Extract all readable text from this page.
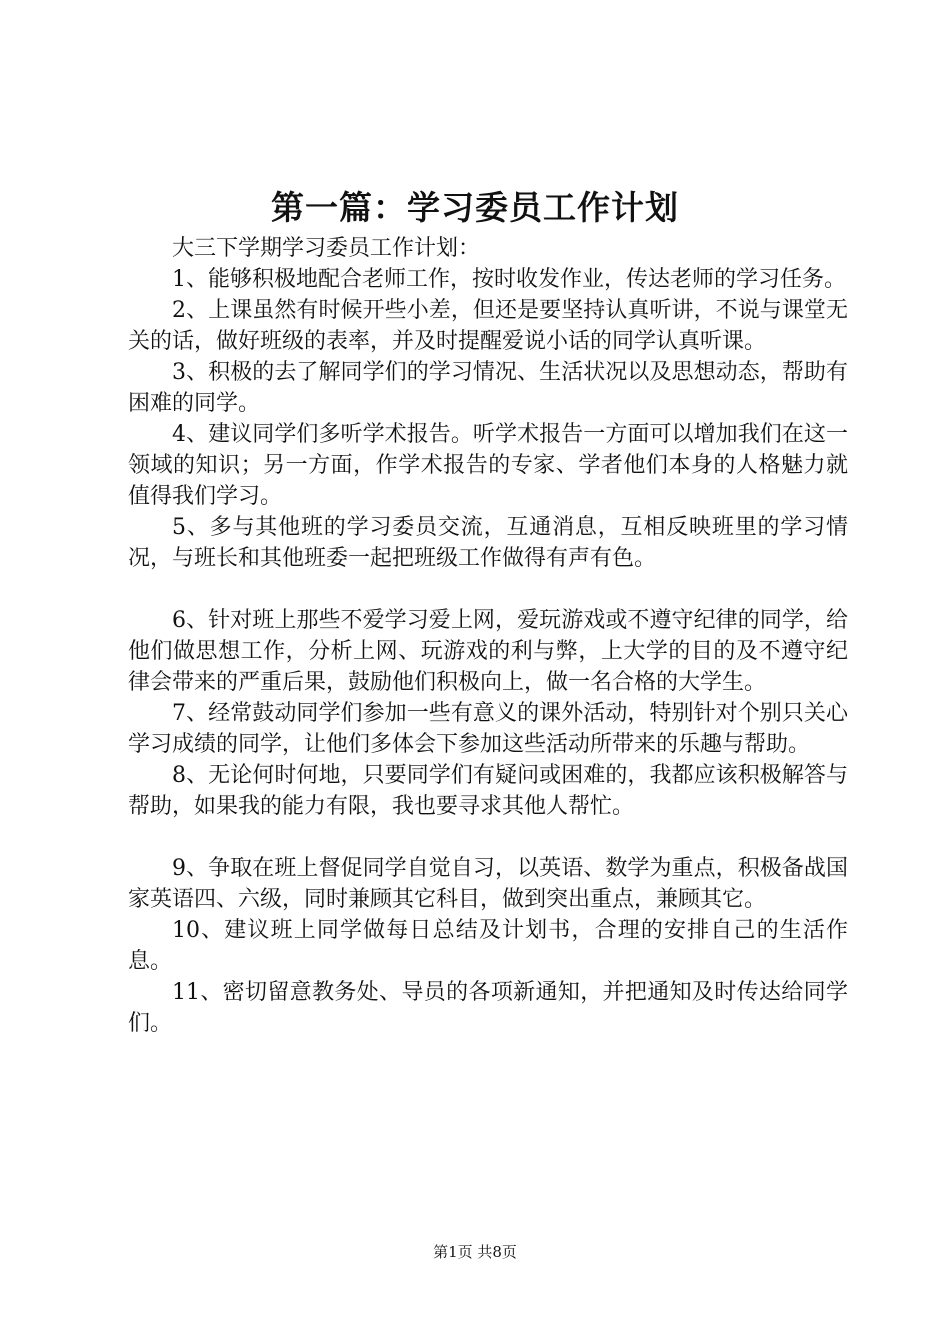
第一篇：学习委员工作计划

大三下学期学习委员工作计划：

1、能够积极地配合老师工作，按时收发作业，传达老师的学习任务。

2、上课虽然有时候开些小差，但还是要坚持认真听讲，不说与课堂无关的话，做好班级的表率，并及时提醒爱说小话的同学认真听课。

3、积极的去了解同学们的学习情况、生活状况以及思想动态，帮助有困难的同学。

4、建议同学们多听学术报告。听学术报告一方面可以增加我们在这一领域的知识；另一方面，作学术报告的专家、学者他们本身的人格魅力就值得我们学习。

5、多与其他班的学习委员交流，互通消息，互相反映班里的学习情况，与班长和其他班委一起把班级工作做得有声有色。

6、针对班上那些不爱学习爱上网，爱玩游戏或不遵守纪律的同学，给他们做思想工作，分析上网、玩游戏的利与弊，上大学的目的及不遵守纪律会带来的严重后果，鼓励他们积极向上，做一名合格的大学生。

7、经常鼓动同学们参加一些有意义的课外活动，特别针对个别只关心学习成绩的同学，让他们多体会下参加这些活动所带来的乐趣与帮助。

8、无论何时何地，只要同学们有疑问或困难的，我都应该积极解答与帮助，如果我的能力有限，我也要寻求其他人帮忙。

9、争取在班上督促同学自觉自习，以英语、数学为重点，积极备战国家英语四、六级，同时兼顾其它科目，做到突出重点，兼顾其它。

10、建议班上同学做每日总结及计划书，合理的安排自己的生活作息。

11、密切留意教务处、导员的各项新通知，并把通知及时传达给同学们。

第1页 共8页
